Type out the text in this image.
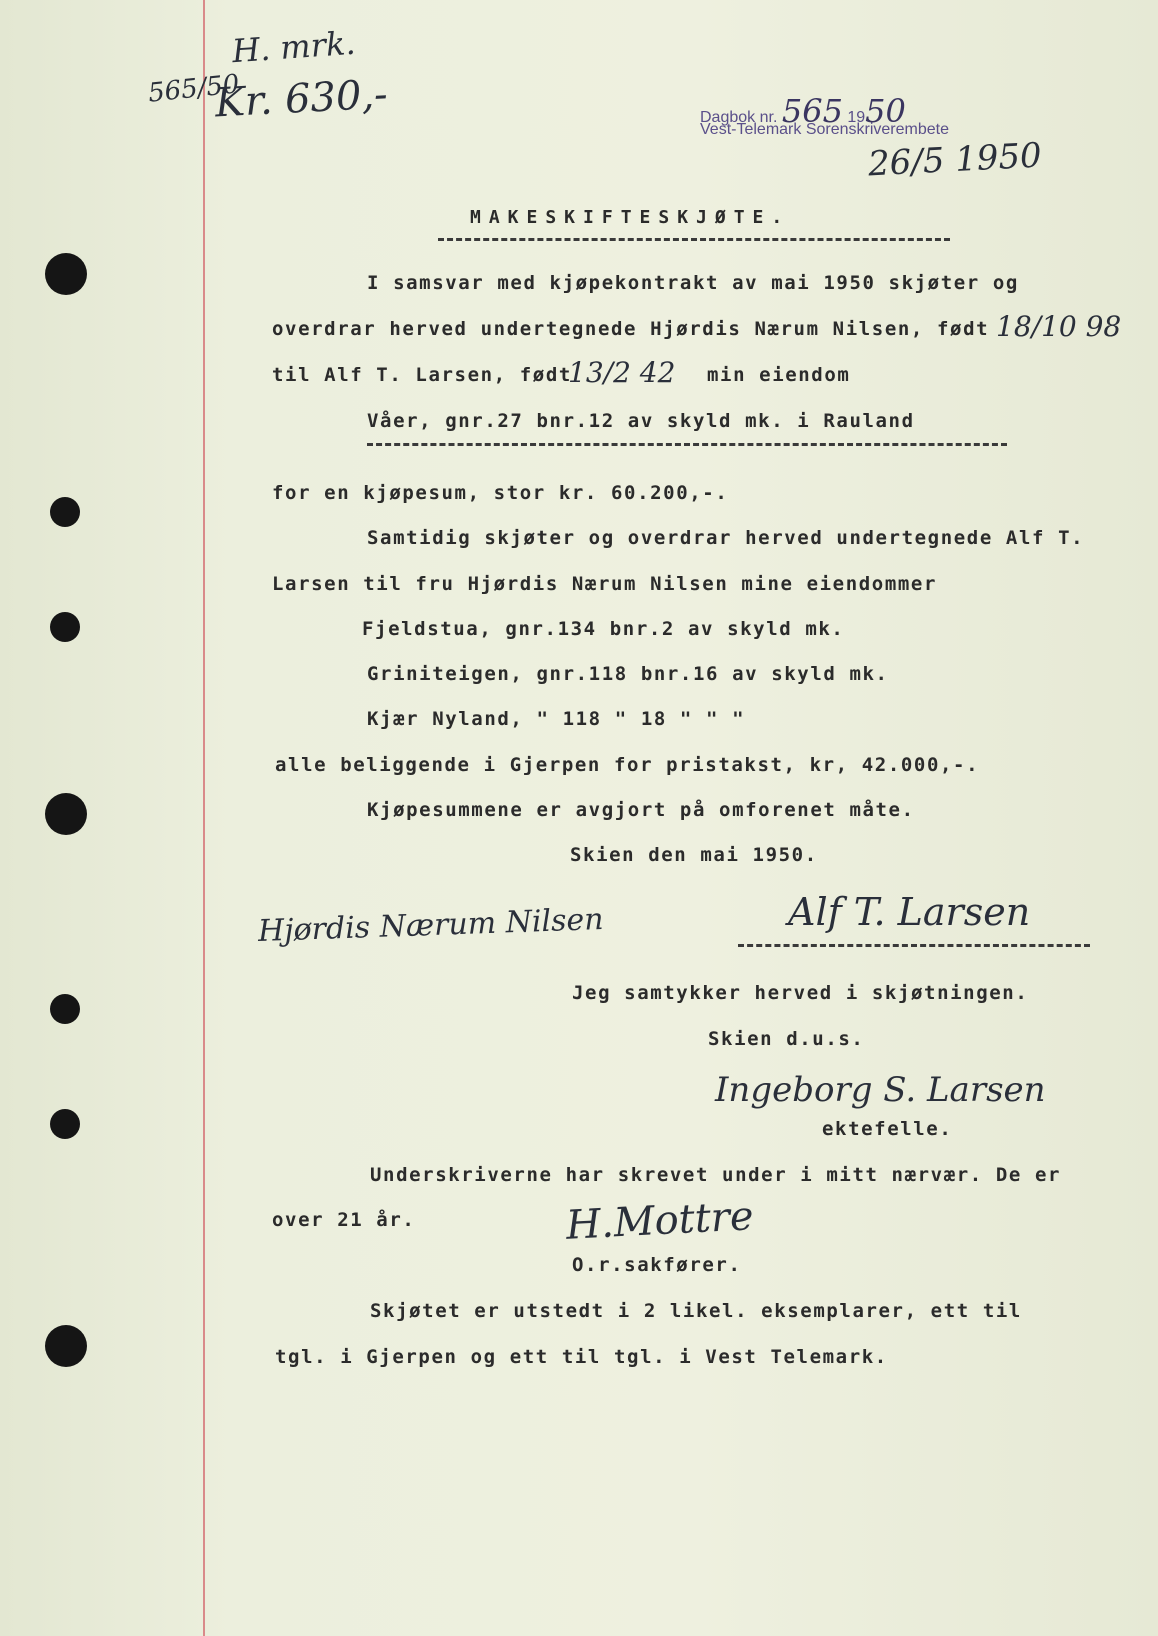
565/50
H. mrk.
Kr. 630,-	Dagbok nr. 565 1950
Vest-Telemark Sorenskriverembete
26/5 1950
MAKESKIFTESKJØTE.
I samsvar med kjøpekontrakt av mai 1950 skjøter og
overdrar herved undertegnede Hjørdis Nærum Nilsen, født 18/10 98
til Alf T. Larsen, født
13/2 42 min eiendom
Våer, gnr.27 bnr.12 av skyld mk. i Rauland
for en kjøpesum, stor kr. 60.200,-.
Samtidig skjøter og overdrar herved undertegnede Alf T.
Larsen til fru Hjørdis Nærum Nilsen mine eiendommer
Fjeldstua, gnr.134 bnr.2 av skyld mk.
Griniteigen, gnr.118 bnr.16 av skyld mk.
Kjær Nyland, " 118 " 18 " " "
alle beliggende i Gjerpen for pristakst, kr, 42.000,-.
Kjøpesummene er avgjort på omforenet måte.
Skien den mai 1950.
Hjørdis Nærum Nilsen	Alf T. Larsen
Jeg samtykker herved i skjøtningen.
Skien d.u.s.
Ingeborg S. Larsen
ektefelle.
Underskriverne har skrevet under i mitt nærvær. De er
over 21 år.	H.Mottre
O.r.sakfører.
Skjøtet er utstedt i 2 likel. eksemplarer, ett til
tgl. i Gjerpen og ett til tgl. i Vest Telemark.
